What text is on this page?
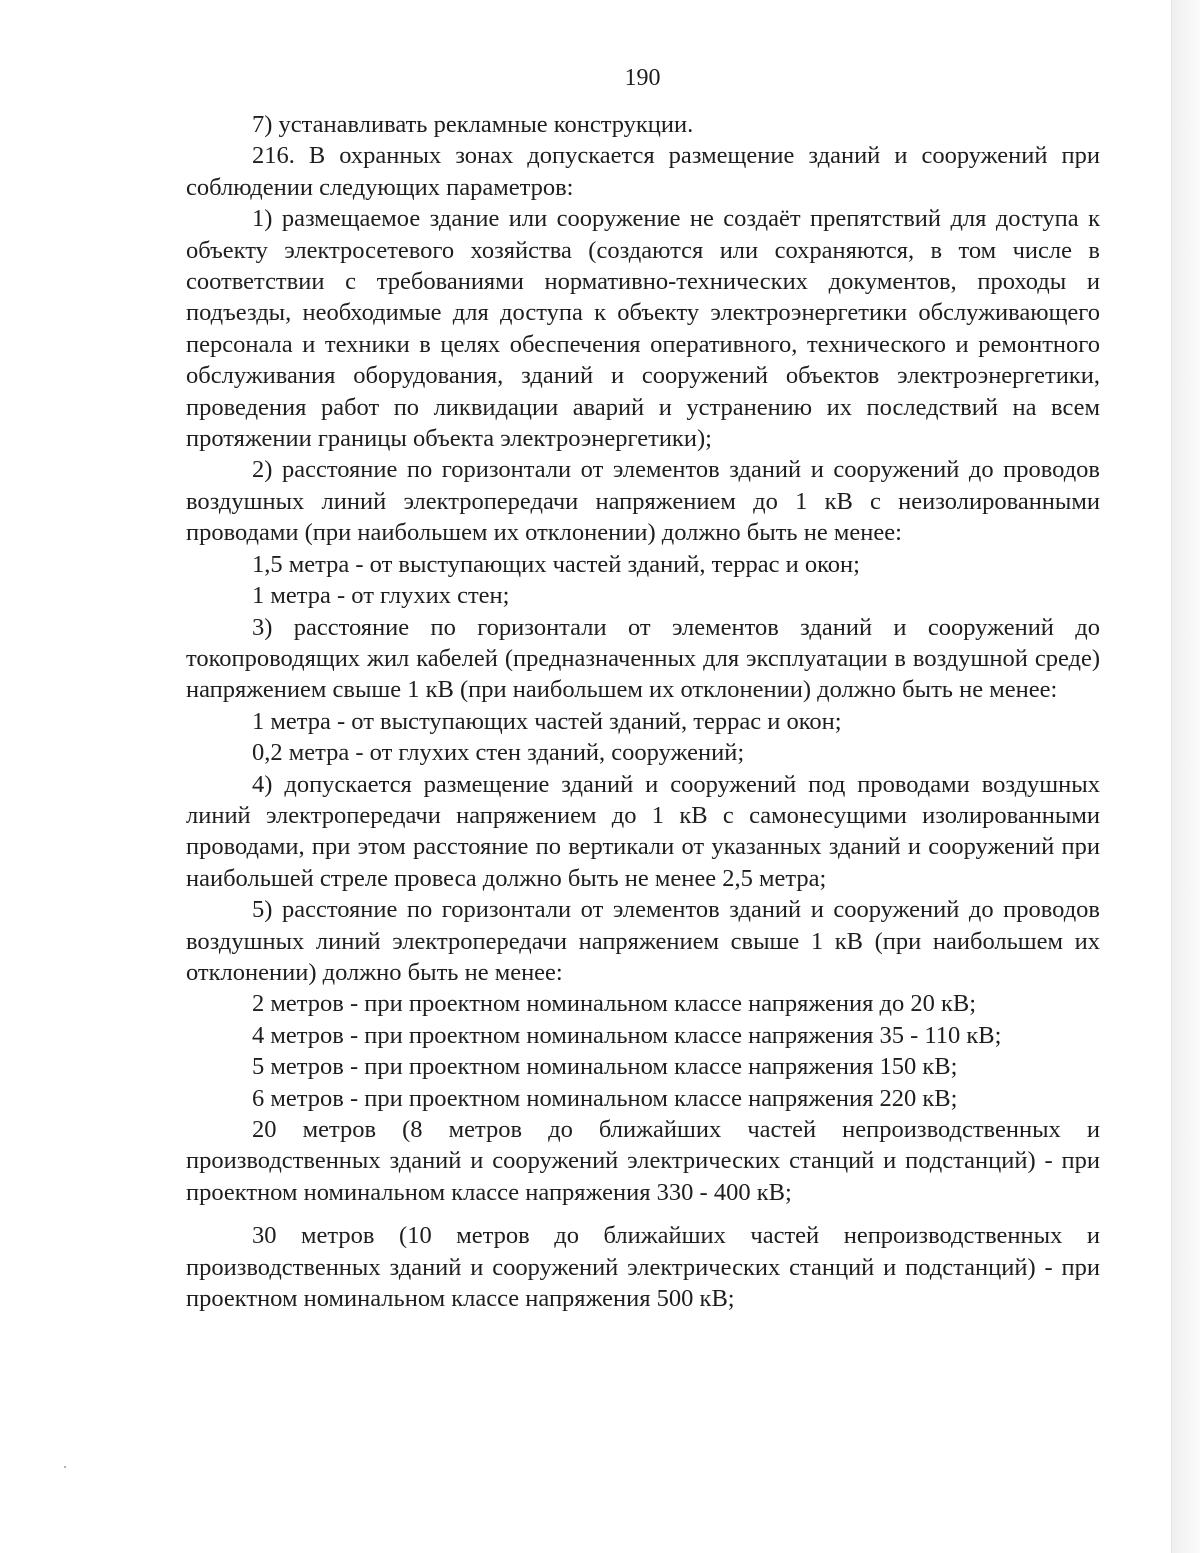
190

7) устанавливать рекламные конструкции.

216. В охранных зонах допускается размещение зданий и сооружений при соблюдении следующих параметров:

1) размещаемое здание или сооружение не создаёт препятствий для доступа к объекту электросетевого хозяйства (создаются или сохраняются, в том числе в соответствии с требованиями нормативно-технических документов, проходы и подъезды, необходимые для доступа к объекту электроэнергетики обслуживающего персонала и техники в целях обеспечения оперативного, технического и ремонтного обслуживания оборудования, зданий и сооружений объектов электроэнергетики, проведения работ по ликвидации аварий и устранению их последствий на всем протяжении границы объекта электроэнергетики);

2) расстояние по горизонтали от элементов зданий и сооружений до проводов воздушных линий электропередачи напряжением до 1 кВ с неизолированными проводами (при наибольшем их отклонении) должно быть не менее:

1,5 метра - от выступающих частей зданий, террас и окон;

1 метра - от глухих стен;

3) расстояние по горизонтали от элементов зданий и сооружений до токопроводящих жил кабелей (предназначенных для эксплуатации в воздушной среде) напряжением свыше 1 кВ (при наибольшем их отклонении) должно быть не менее:

1 метра - от выступающих частей зданий, террас и окон;

0,2 метра - от глухих стен зданий, сооружений;

4) допускается размещение зданий и сооружений под проводами воздушных линий электропередачи напряжением до 1 кВ с самонесущими изолированными проводами, при этом расстояние по вертикали от указанных зданий и сооружений при наибольшей стреле провеса должно быть не менее 2,5 метра;

5) расстояние по горизонтали от элементов зданий и сооружений до проводов воздушных линий электропередачи напряжением свыше 1 кВ (при наибольшем их отклонении) должно быть не менее:

2 метров - при проектном номинальном классе напряжения до 20 кВ;

4 метров - при проектном номинальном классе напряжения 35 - 110 кВ;

5 метров - при проектном номинальном классе напряжения 150 кВ;

6 метров - при проектном номинальном классе напряжения 220 кВ;

20 метров (8 метров до ближайших частей непроизводственных и производственных зданий и сооружений электрических станций и подстанций) - при проектном номинальном классе напряжения 330 - 400 кВ;

30 метров (10 метров до ближайших частей непроизводственных и производственных зданий и сооружений электрических станций и подстанций) - при проектном номинальном классе напряжения 500 кВ;
